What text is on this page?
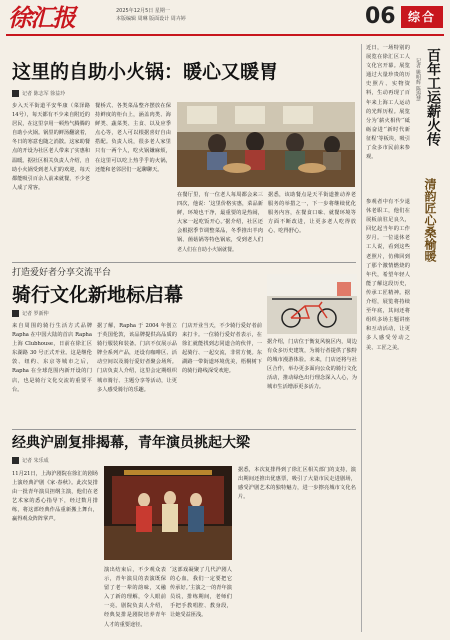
徐汇报	2025年12月5日 星期一
本版编辑 周琳 版面设计 周卉婷	06	综合
这里的自助小火锅：暖心又暖胃
记者 陈志军 徐益玲
步入天平街道平安华康（菜泽路14号），每天都有不少来自附近的居民，在这里享用一顿热气腾腾的自助小火锅。锅里的鲜汤翻滚着，冬日的寒意也随之消散。这家助餐点的开设为社区老人带来了实惠和温暖。据社区相关负责人介绍，自助小火锅受到老人们的欢迎，每天都能吸引百余人前来就餐，不少老人成了常客。
餐桥式、各类菜品整齐摆放在保持鲜度的柜台上，涵盖肉类、海鲜类、蔬菜类、主食、以及应季点心等，老人可以根据喜好自由搭配。负责人说，很多老人家里只有一两个人，吃火锅嫌麻烦，在这里可以吃上热乎乎的火锅，还能和老邻居们一起聊聊天。
在餐厅里，有一位老人每周都会来三四次，他说：‘这里价格实惠，菜品新鲜，环境也干净，最重要的是热闹，大家一起吃饭开心。’据介绍，社区还会根据季节调整菜品，冬季推出羊肉锅、菌菇锅等特色锅底，受到老人们
据悉，该助餐点是天平街道推动养老服务的举措之一，下一步将继续优化服务内容，在餐食口味、就餐环境等方面不断改进，让更多老人吃得放心、吃得舒心。
老人们在自助小火锅就餐。
打造爱好者分享交流平台
骑行文化新地标启幕
记者 罗新仲
来自周围的骑行生活方式品牌 Rapha 在中国大陆的首店 Rapha 上海 Clubhouse，日前在徐汇区东湖路 30 号正式开业。这是继伦敦、纽约、东京等城市之后，Rapha 在全球范围内新开设的门店，也是骑行文化交流的重要平台。
据了解，Rapha 于 2004 年创立于英国伦敦，该品牌提供高品质的骑行服装和装备。门店不仅展示品牌全系列产品，还设有咖啡区、活动空间以及骑行爱好者聚会场所。门店负责人介绍，这里会定期组织城市骑行、主题分享等活动，让更多人感受骑行的乐趣。
门店开业当天，不少骑行爱好者前来打卡。一位骑行爱好者表示，在徐汇就能找到志同道合的伙伴，一起骑行、一起交流，非常方便。东湖路一带街道环境优美，梧桐树下的骑行路线深受欢迎。
据介绍，门店位于衡复风貌区内，周边有众多历史建筑，为骑行者提供了独特的城市漫游体验。未来，门店还将与社区合作，举办更多面向公众的骑行文化活动，推动绿色出行理念深入人心，为城市生活增添更多活力。
经典沪剧复排揭幕，青年演员挑起大梁
记者 朱乐成
11月21日，上海沪剧院在徐汇的剧场上演经典沪剧《家·春秋》。此次复排由一批青年演员担纲主演，他们在老艺术家的悉心指导下，经过数月排练，将这部经典作品重新搬上舞台，赢得观众阵阵掌声。
演出结束后，不少观众表示，青年演员的表演既保留了老一辈的韵味，又融入了新的理解，令人眼前一亮。剧院负责人介绍，经典复排是剧院培养青年人才的重要途径。
‘这部戏凝聚了几代沪剧人的心血，我们一定要把它传承好。’主演之一的青年演员说，排练期间，老师们手把手教唱腔、教身段，让她受益匪浅。
据悉，本次复排得到了徐汇区相关部门的支持，演出期间还推出优惠票，吸引了大量市民走进剧场，感受沪剧艺术的独特魅力，进一步擦亮城市文化名片。
近日，一场特别的展览在徐汇区工人文化宫开幕。展览通过大量珍贵的历史照片、实物资料，生动再现了百年来上海工人运动的光辉历程。展览分为‘薪火相传’‘砥砺奋进’‘新时代新征程’等板块，吸引了众多市民前来参观。
记者 姚明辉 陈海慧 百年工运薪火传
清韵匠心桑榆暖
参观者中有不少退休老职工，他们在展板前驻足良久，回忆起当年的工作岁月。一位退休老工人说，看到这些老照片，仿佛回到了那个激情燃烧的年代，希望年轻人能了解这段历史，传承工匠精神。据介绍，展览将持续至年底，其间还将组织多场主题讲座和互动活动，让更多人感受劳动之美、工匠之美。
